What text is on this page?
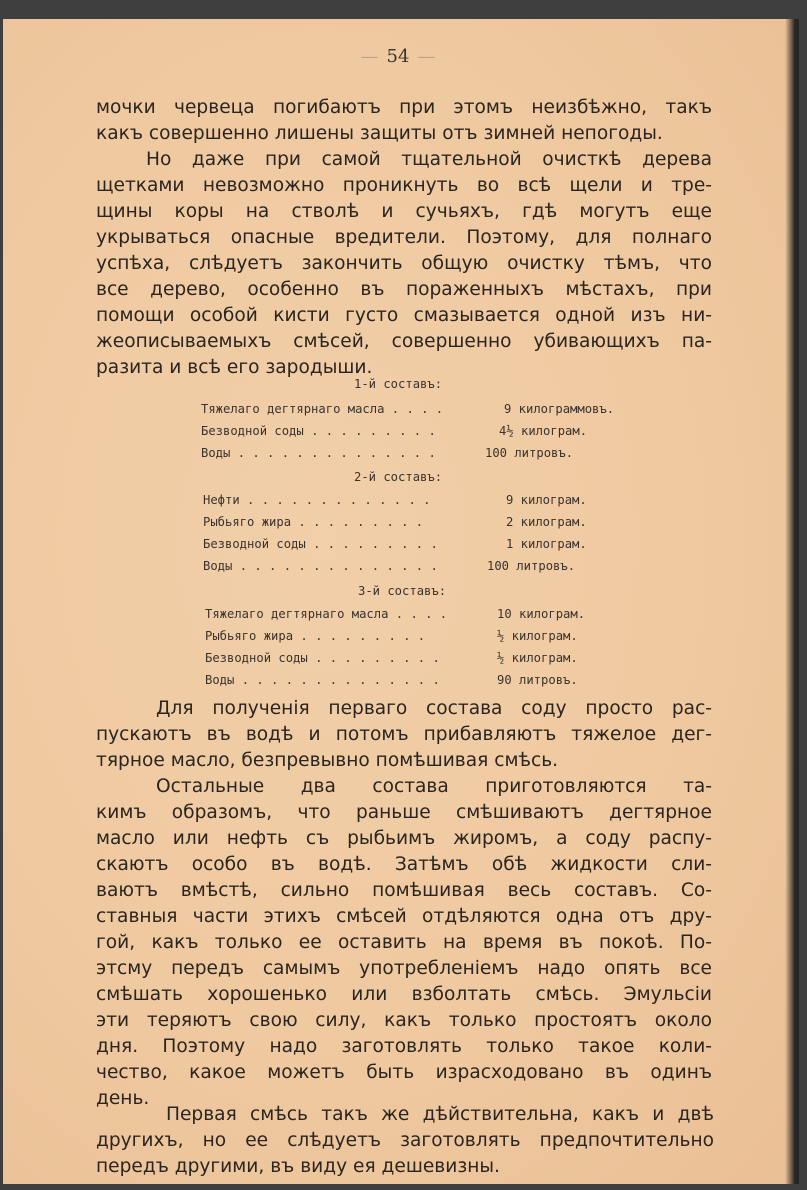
— 54 —
мочки червеца погибаютъ при этомъ неизбѣжно, такъ
какъ совершенно лишены защиты отъ зимней непогоды.
Но даже при самой тщательной очисткѣ дерева
щетками невозможно проникнуть во всѣ щели и тре-
щины коры на стволѣ и сучьяхъ, гдѣ могутъ еще
укрываться опасные вредители. Поэтому, для полнаго
успѣха, слѣдуетъ закончить общую очистку тѣмъ, что
все дерево, особенно въ пораженныхъ мѣстахъ, при
помощи особой кисти густо смазывается одной изъ ни-
жеописываемыхъ смѣсей, совершенно убивающихъ па-
разита и всѣ его зародыши.
1-й составъ:
Тяжелаго дегтярнаго масла . . . .	9 килограммовъ.
Безводной соды . . . . . . . . .	4½ килограм.
Воды . . . . . . . . . . . . . .	100 литровъ.
2-й составъ:
Нефти . . . . . . . . . . . . .	9 килограм.
Рыбьяго жира . . . . . . . . .	2 килограм.
Безводной соды . . . . . . . . .	1 килограм.
Воды . . . . . . . . . . . . . .	100 литровъ.
3-й составъ:
Тяжелаго дегтярнаго масла . . . .	10 килограм.
Рыбьяго жира . . . . . . . . .	½ килограм.
Безводной соды . . . . . . . . .	½ килограм.
Воды . . . . . . . . . . . . . .	90 литровъ.
Для полученія перваго состава соду просто рас-
пускаютъ въ водѣ и потомъ прибавляютъ тяжелое дег-
тярное масло, безпревывно помѣшивая смѣсь.
Остальные два состава приготовляются та-
кимъ образомъ, что раньше смѣшиваютъ дегтярное
масло или нефть съ рыбьимъ жиромъ, а соду распу-
скаютъ особо въ водѣ. Затѣмъ обѣ жидкости сли-
ваютъ вмѣстѣ, сильно помѣшивая весь составъ. Со-
ставныя части этихъ смѣсей отдѣляются одна отъ дру-
гой, какъ только ее оставить на время въ покоѣ. По-
этсму передъ самымъ употребленіемъ надо опять все
смѣшать хорошенько или взболтать смѣсь. Эмульсіи
эти теряютъ свою силу, какъ только простоятъ около
дня. Поэтому надо заготовлять только такое коли-
чество, какое можетъ быть израсходовано въ одинъ
день.
Первая смѣсь такъ же дѣйствительна, какъ и двѣ
другихъ, но ее слѣдуетъ заготовлять предпочтительно
передъ другими, въ виду ея дешевизны.
